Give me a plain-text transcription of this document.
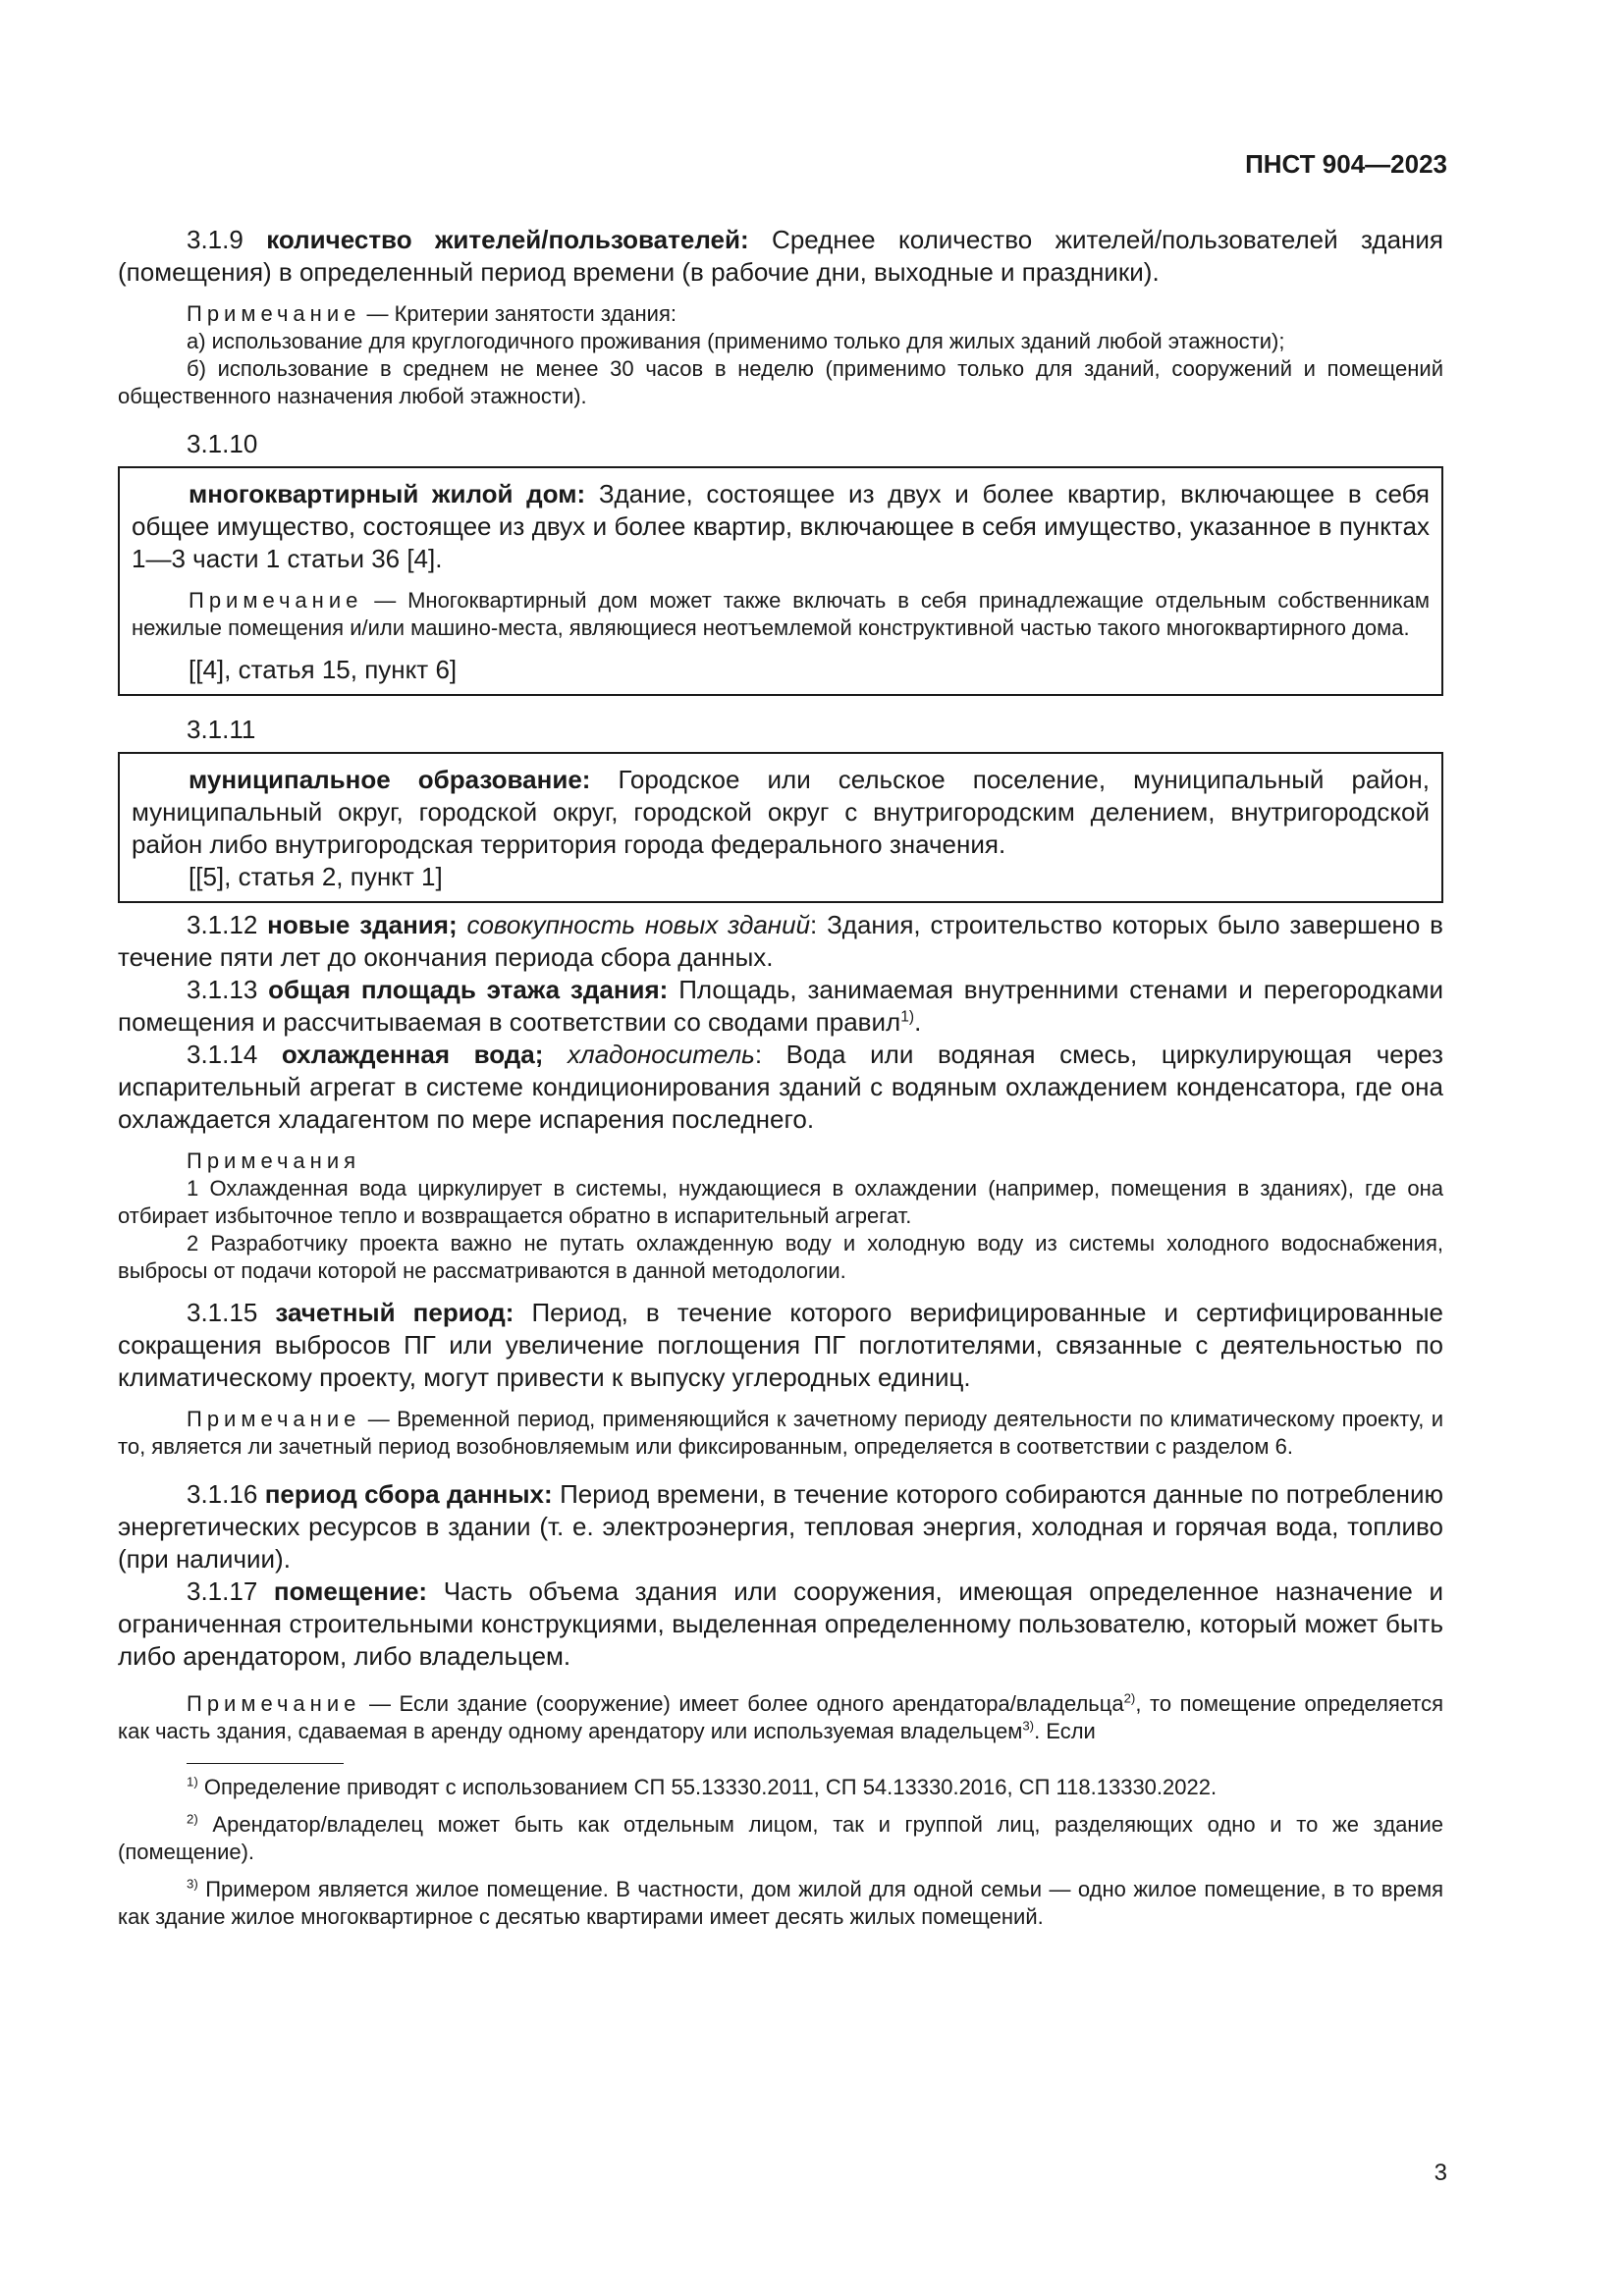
ПНСТ 904—2023

3.1.9 количество жителей/пользователей: Среднее количество жителей/пользователей здания (помещения) в определенный период времени (в рабочие дни, выходные и праздники).

Примечание — Критерии занятости здания:

а) использование для круглогодичного проживания (применимо только для жилых зданий любой этажности);

б) использование в среднем не менее 30 часов в неделю (применимо только для зданий, сооружений и помещений общественного назначения любой этажности).

3.1.10

многоквартирный жилой дом: Здание, состоящее из двух и более квартир, включающее в себя общее имущество, состоящее из двух и более квартир, включающее в себя имущество, указанное в пунктах 1—3 части 1 статьи 36 [4].

Примечание — Многоквартирный дом может также включать в себя принадлежащие отдельным собственникам нежилые помещения и/или машино-места, являющиеся неотъемлемой конструктивной частью такого многоквартирного дома.

[[4], статья 15, пункт 6]

3.1.11

муниципальное образование: Городское или сельское поселение, муниципальный район, муниципальный округ, городской округ, городской округ с внутригородским делением, внутригородской район либо внутригородская территория города федерального значения.

[[5], статья 2, пункт 1]

3.1.12 новые здания; совокупность новых зданий: Здания, строительство которых было завершено в течение пяти лет до окончания периода сбора данных.

3.1.13 общая площадь этажа здания: Площадь, занимаемая внутренними стенами и перегородками помещения и рассчитываемая в соответствии со сводами правил$^{1)}$.

3.1.14 охлажденная вода; хладоноситель: Вода или водяная смесь, циркулирующая через испарительный агрегат в системе кондиционирования зданий с водяным охлаждением конденсатора, где она охлаждается хладагентом по мере испарения последнего.

Примечания

1 Охлажденная вода циркулирует в системы, нуждающиеся в охлаждении (например, помещения в зданиях), где она отбирает избыточное тепло и возвращается обратно в испарительный агрегат.

2 Разработчику проекта важно не путать охлажденную воду и холодную воду из системы холодного водоснабжения, выбросы от подачи которой не рассматриваются в данной методологии.

3.1.15 зачетный период: Период, в течение которого верифицированные и сертифицированные сокращения выбросов ПГ или увеличение поглощения ПГ поглотителями, связанные с деятельностью по климатическому проекту, могут привести к выпуску углеродных единиц.

Примечание — Временной период, применяющийся к зачетному периоду деятельности по климатическому проекту, и то, является ли зачетный период возобновляемым или фиксированным, определяется в соответствии с разделом 6.

3.1.16 период сбора данных: Период времени, в течение которого собираются данные по потреблению энергетических ресурсов в здании (т. е. электроэнергия, тепловая энергия, холодная и горячая вода, топливо (при наличии).

3.1.17 помещение: Часть объема здания или сооружения, имеющая определенное назначение и ограниченная строительными конструкциями, выделенная определенному пользователю, который может быть либо арендатором, либо владельцем.

Примечание — Если здание (сооружение) имеет более одного арендатора/владельца$^{2)}$, то помещение определяется как часть здания, сдаваемая в аренду одному арендатору или используемая владельцем$^{3)}$. Если

$^{1)}$ Определение приводят с использованием СП 55.13330.2011, СП 54.13330.2016, СП 118.13330.2022.

$^{2)}$ Арендатор/владелец может быть как отдельным лицом, так и группой лиц, разделяющих одно и то же здание (помещение).

$^{3)}$ Примером является жилое помещение. В частности, дом жилой для одной семьи — одно жилое помещение, в то время как здание жилое многоквартирное с десятью квартирами имеет десять жилых помещений.

3
